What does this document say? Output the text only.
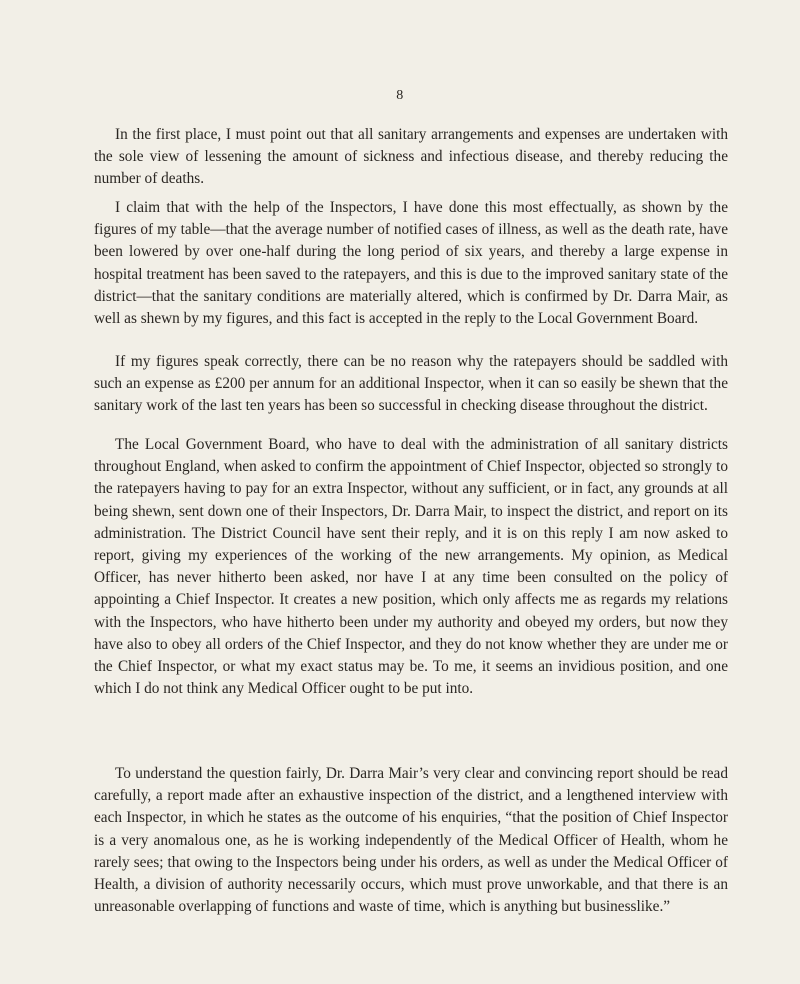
8

In the first place, I must point out that all sanitary arrangements and expenses are undertaken with the sole view of lessening the amount of sickness and infectious disease, and thereby reducing the number of deaths.

I claim that with the help of the Inspectors, I have done this most effectually, as shown by the figures of my table—that the average number of notified cases of illness, as well as the death rate, have been lowered by over one-half during the long period of six years, and thereby a large expense in hospital treatment has been saved to the ratepayers, and this is due to the improved sanitary state of the district—that the sanitary conditions are materially altered, which is confirmed by Dr. Darra Mair, as well as shewn by my figures, and this fact is accepted in the reply to the Local Government Board.

If my figures speak correctly, there can be no reason why the ratepayers should be saddled with such an expense as £200 per annum for an additional Inspector, when it can so easily be shewn that the sanitary work of the last ten years has been so successful in checking disease throughout the district.

The Local Government Board, who have to deal with the administration of all sanitary districts throughout England, when asked to confirm the appointment of Chief Inspector, objected so strongly to the ratepayers having to pay for an extra Inspector, without any sufficient, or in fact, any grounds at all being shewn, sent down one of their Inspectors, Dr. Darra Mair, to inspect the district, and report on its administration. The District Council have sent their reply, and it is on this reply I am now asked to report, giving my experiences of the working of the new arrangements. My opinion, as Medical Officer, has never hitherto been asked, nor have I at any time been consulted on the policy of appointing a Chief Inspector. It creates a new position, which only affects me as regards my relations with the Inspectors, who have hitherto been under my authority and obeyed my orders, but now they have also to obey all orders of the Chief Inspector, and they do not know whether they are under me or the Chief Inspector, or what my exact status may be. To me, it seems an invidious position, and one which I do not think any Medical Officer ought to be put into.

To understand the question fairly, Dr. Darra Mair’s very clear and convincing report should be read carefully, a report made after an exhaustive inspection of the district, and a lengthened interview with each Inspector, in which he states as the outcome of his enquiries, “that the position of Chief Inspector is a very anomalous one, as he is working independently of the Medical Officer of Health, whom he rarely sees; that owing to the Inspectors being under his orders, as well as under the Medical Officer of Health, a division of authority necessarily occurs, which must prove unworkable, and that there is an unreasonable overlapping of functions and waste of time, which is anything but businesslike.”
